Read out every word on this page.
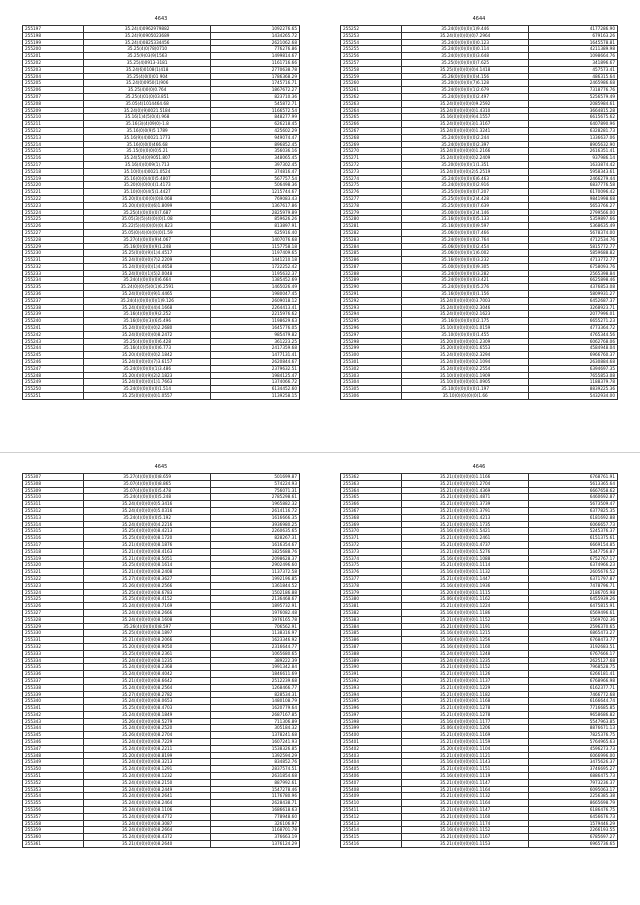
4643
255197	35.24(4)0962979882	1092276.65
255198	35.24(9)0905023689	1434265.72
255199	35.24(4)0825334456	2621062.68
255200	35.25(4)0(78)0710	776276.86
255201	35.25(9)03(9)1563	1499814.67
255202	35.25(4)0913-3181	1161716.66
255203	35.24(6)0108(1)418	2770638.78
255204	35.25(4)0(0)01 904	1786368.29
255205	35.24(0)0950(1)906	1745716.71
255206	35.25(4)0(0)0.764	1867672.27
255207	35.25(4)01(0)03.851	823710.36
255208	35.05(4)1014464.68	545872.71
255209	35.24(0)(9)0021.5184	1166572.54
255210	35.16(1)4(5)0(4).968	848277.99
255211	35.16(3)(4)09(0)-1.8	626218.45
255212	35.16(0)0(9)5 1789	425602.29
255213	35.16(9)(4)0021.1773	949074.47
255214	35.16(0)0(0)466.68	896852.45
255215	35.15(0)(0)0(0)5.21	356036.16
255216	35.24(5)4(0)9051.807	348065.45
255217	35.16(4)(0)09(1).713	397302.45
255218	35.10(0)(4)0021.0524	374816.47
255219	35.16(0)(0)4(0)5.4807	567757.54
255220	35.20(0)(0)0(4)1.4173	506498.36
255221	35.10(0)(0)4(5)1.4427	1215744.67
255222	35.20(0)(4)0(0)(0)8.068	769083.43
255223	35.20(4)(0)(0)(6)1.8099	1367617.86
255224	35.25(4)(0)(0)(0)7.687	2825979.89
255225	35.05(3)(5)(4)(0)(0)1.08	859626.26
255226	35.22(5)(4)(0)(0)(0).823	813897.91
255227	35.05(0)(4)(0)(0)(0)1.59	625916.40
255228	35.27(4)(0)(0)(9)4.067	1407076.68
255229	35.16(0)(0)(0)(9)1.248	1157758.18
255230	35.25(0)(0)(9)(1)4.4517	1197409.65
255231	35.24(0)(0)(0)(7)2.2209	1441210.18
255232	35.24(0)(0)(0)(1)4.4658	1722252.42
255233	35.24(0)(0)(1)(5)2.0048	1195632.37
255234	35.24(4)(0)(0)(0)6.664	1385452.69
255235	35.24(0)(0)(5)0(1)6.2591	1465026.49
255236	35.24(0)(0)(0)(9)1.4465	1980047.45
255237	35.24(4)(0)(0)(0)(1)9.126	2609018.12
255238	35.24(4)(0)(0)(4)4.1668	2264413.41
255239	35.16(4)(0)(0)(9)2.252	2215976.62
255240	35.16(0)(0)(3)(6)5.496	1198629.63
255241	35.24(0)(0)(0)(0)2.2680	1645776.05
255242	35.24(0)(0)(0)(0)8.2472	985479.82
255243	35.25(4)(0)(0)(0)6.428	361223.25
255244	35.16(4)(0)(0)(0)6.773	2417359.68
255245	35.20(4)(0)(0)(0)2.1842	1477131.41
255246	35.24(0)(0)(0)(7)3.6157	2620844.67
255247	35.24(0)(0)(0)(1)3.486	2379632.51
255248	35.20(4)(0)(9)(2)2.1823	1984125.47
255249	35.24(0)(0)(0)(1)1.7663	1374066.72
255250	35.24(0)(0)(0)(0)1.514	6134452.60
255251	35.25(0)(0)(0)(0)1.0557	1139258.15
4644
255252	35.24(0)(0)(0)(1)9.446	4177286.90
255253	35.24(0)(0)(0)(0)7.2964	679163.26
255254	35.24(0)(0)(0)(0)0.123	1645578.81
255255	35.24(0)(0)(0)(0)0.114	4211389.98
255256	35.24(0)(0)(0)(0)3.648	1098664.76
255257	35.25(0)(0)(0)(0)7.625	341896.67
255258	35.25(0)(0)(0)(0)4.1418	457573.41
255259	35.26(0)(0)(0)(0)4.156	486315.64
255260	35.20(0)(0)(0)(7)6.128	2465986.68
255261	35.24(0)(0)(0)(1)2.679	7318776.76
255262	35.24(0)(0)(0)(0)2.497	5256579.49
255263	35.24(0)(0)(0)(0)9.2592	2085984.61
255264	35.24(0)(0)(0)(0)1.4310	3664815.28
255265	35.16(0)(0)(0)(9)4.1557	6615675.62
255266	35.24(0)(0)(0)(3)1.3167	6407890.96
255267	35.24(0)(0)(0)(0)1.3241	6328281.73
255268	35.24(0)(0)(0)(0)2.244	1336637.06
255269	35.24(0)(0)(0)(0)2.397	8905632.90
255270	35.24(0)(0)(0)(0)1.2166	2616351.41
255271	35.24(0)(0)(0)(0)2.2409	937986.14
255272	35.20(0)(0)(0)(1)1.351	1633874.42
255273	35.24(0)(0)(0)(2)5.2519	5958343.61
255274	35.24(0)(0)(0)(6)6.463	2466279.44
255275	35.24(0)(0)(0)(0)2.916	6837776.58
255276	35.25(0)(0)(0)(0)7.207	6170096.42
255277	35.25(0)(0)(0)(2)4.428	9841998.68
255278	35.25(0)(0)(0)(0)7.639	5653766.27
255279	35.00(0)(0)(0)(2)4.146	2799566.00
255280	35.16(0)(0)(0)(0)5.133	5359897.66
255281	35.16(0)(0)(0)(0)9.597	5368635.49
255282	35.06(0)(0)(0)(0)7.466	5678374.00
255283	35.24(0)(0)(0)(0)2.764	4712534.76
255284	35.06(0)(0)(0)(0)2.454	5815772.77
255285	35.06(0)(0)(0)(1)6.002	5859688.82
255286	35.16(0)(0)(0)(0)3.232	4713772.77
255287	35.00(0)(0)(0)(0)9.305	6758093.76
255288	35.24(0)(0)(0)(0)3.282	2565398.84
255289	35.24(0)(0)(0)(0)3.421	6625898.46
255290	35.24(0)(0)(0)(0)5.276	4376853.08
255291	35.16(0)(0)(0)(0)1.156	5809931.27
255292	35.24(0)(0)(0)(0)3.7003	6452687.37
255293	35.24(0)(0)(0)(0)2.3046	3268923.71
255294	35.24(0)(0)(0)(0)2.1623	2077996.01
255295	35.16(0)(0)(0)(0)2.175	6655271.23
255296	35.10(0)(0)(0)(0)1.0159	4773364.72
255297	35.10(0)(0)(0)(0)1.455	4765344.56
255298	35.20(0)(0)(0)(0)1.2309	6062768.06
255299	35.20(0)(0)(0)(0)1.6553	4584948.04
255300	35.24(0)(0)(0)(0)2.3294	6966760.37
255301	35.24(0)(0)(0)(0)2.1094	2630884.68
255302	35.24(0)(0)(0)(0)2.2554	6394697.35
255303	35.10(0)(0)(0)(0)1.1909	7655853.08
255304	35.10(0)(0)(0)(0)1.0905	1188379.78
255305	35.10(0)(0)(0)(0)1.197	8839225.36
255306	35.10(0)(0)(0)(0)1.66	5432934.00
4645
255307	35.27(4)(0)(0)(0)8.659	501699.87
255308	35.07(4)(0)(0)(0)8.865	574224.93
255309	35.07(4)(0)(0)(0)5.478	756071.31
255310	35.24(4)(0)(0)(0)5.248	2785298.61
255311	35.24(4)(0)(0)(0)5.3416	1965882.32
255312	35.24(4)(0)(0)(0)5.0316	2614116.72
255313	35.24(4)(0)(0)(0)5.192	1616666.35
255314	35.24(4)(0)(0)(0)4.2216	3936980.25
255315	35.25(4)(0)(0)(0)8.4213	2260635.65
255316	35.25(4)(0)(0)(0)8.1720	828267.31
255317	35.21(4)(0)(0)(0)8.1876	1616354.67
255318	35.21(4)(0)(0)(0)8.4163	1825688.76
255319	35.21(4)(0)(0)(0)8.5051	2098628.37
255320	35.25(4)(0)(0)(0)8.1614	2902496.60
255321	35.21(4)(0)(0)(0)8.2408	1137372.58
255322	35.27(4)(0)(0)(0)8.3627	1992196.85
255323	35.26(4)(0)(0)(0)8.2566	1361844.52
255324	35.25(4)(0)(0)(0)8.6783	1502186.88
255325	35.25(4)(0)(0)(0)8.4152	2136468.67
255326	35.24(4)(0)(0)(0)8.7169	1895732.91
255327	35.24(4)(0)(0)(0)8.2666	1976082.48
255328	35.24(4)(0)(0)(0)8.1608	1976165.78
255329	35.26(4)(0)(0)(0)8.597	706562.91
255330	35.25(4)(0)(0)(0)8.1897	1138316.97
255331	35.21(4)(0)(0)(0)8.2066	1623346.92
255332	35.20(4)(0)(0)(0)8.9050	2316644.77
255333	35.25(4)(0)(0)(0)8.2361	1065680.65
255334	35.24(4)(0)(0)(0)8.1235	389222.39
255335	35.24(4)(0)(0)(0)8.2368	1991342.84
255336	35.24(4)(0)(0)(0)8.4042	1846611.69
255337	35.21(4)(0)(0)(0)8.6642	2512239.68
255338	35.24(4)(0)(0)(0)8.2564	1268466.77
255339	35.27(4)(0)(0)(0)8.2782	828534.31
255340	35.24(4)(0)(0)(0)8.0653	1480108.79
255341	35.25(4)(0)(0)(0)8.4703	1620779.64
255342	35.24(4)(0)(0)(0)8.1849	2687167.85
255343	35.26(4)(0)(0)(0)8.5279	711306.89
255344	35.24(4)(0)(0)(0)8.2520	305184.32
255345	35.26(4)(0)(0)(0)8.2704	1378241.68
255346	35.24(4)(0)(0)(0)8.7229	1607241.93
255347	35.24(4)(0)(0)(0)8.2211	1538326.85
255348	35.20(4)(0)(0)(0)8.8199	1392594.29
255349	35.24(4)(0)(0)(0)8.3213	834852.76
255350	35.24(4)(0)(0)(0)8.1291	2837574.51
255351	35.24(4)(0)(0)(0)8.1232	2631854.68
255352	35.24(4)(0)(0)(0)8.2150	887992.61
255353	35.24(4)(0)(0)(0)8.2449	1547278.46
255354	35.24(4)(0)(0)(0)8.2641	1176780.96
255355	35.24(4)(0)(0)(0)8.2464	2628438.71
255356	35.24(4)(0)(0)(0)8.1106	1686618.63
255357	35.24(4)(0)(0)(0)8.4772	778948.60
255358	35.24(4)(0)(0)(0)8.3087	326106.97
255359	35.24(4)(0)(0)(0)8.2664	1168701.78
255360	35.24(4)(0)(0)(0)8.4372	376663.19
255361	35.21(4)(0)(0)(0)8.2640	1376124.29
4646
255362	35.21(4)(0)(0)(0)1.1166	6768761.91
255363	35.21(4)(0)(0)(0)1.2704	5613365.64
255364	35.21(4)(0)(0)(0)1.4369	6667658.62
255365	35.21(4)(0)(0)(0)1.4871	6460692.87
255366	35.21(4)(0)(0)(0)1.3739	5673509.47
255367	35.21(4)(0)(0)(0)1.3791	6377825.35
255368	35.21(4)(0)(0)(0)1.4213	6181692.88
255369	35.21(4)(0)(0)(0)1.1735	6066657.73
255370	35.16(4)(0)(0)(0)1.5421	5245376.37
255371	35.21(4)(0)(0)(0)1.2461	6151375.61
255372	35.21(4)(0)(0)(0)1.4737	6669154.85
255373	35.21(4)(0)(0)(0)1.5276	5347756.87
255374	35.16(4)(0)(0)(0)1.1088	6752767.17
255375	35.21(4)(0)(0)(0)1.1114	6374966.23
255376	35.16(4)(0)(0)(0)1.1132	2605676.52
255377	35.21(4)(0)(0)(0)1.1447	6371797.87
255378	35.16(4)(0)(0)(0)1.1936	7478796.71
255379	35.20(4)(0)(0)(0)1.1115	2186705.98
255380	35.06(4)(0)(0)(0)1.1162	6455939.26
255381	35.21(4)(0)(0)(0)1.1224	6475815.91
255382	35.16(4)(0)(0)(0)1.1186	6569496.61
255383	35.21(4)(0)(0)(0)1.1152	1569702.36
255384	35.21(4)(0)(0)(0)1.1191	2596370.65
255385	35.16(4)(0)(0)(0)1.1215	6865473.27
255386	35.16(4)(0)(0)(0)1.1256	6768473.77
255387	35.16(4)(0)(0)(0)1.1160	3192683.51
255388	35.24(4)(0)(0)(0)1.1248	6767666.17
255389	35.24(4)(0)(0)(0)1.1235	2625127.68
255390	35.21(4)(0)(0)(0)1.1152	7968528.75
255391	35.21(4)(0)(0)(0)1.1126	6266181.41
255392	35.21(4)(0)(0)(0)1.1137	6768966.98
255393	35.21(4)(0)(0)(0)1.1229	6162377.71
255394	35.21(4)(0)(0)(0)1.1182	7466772.68
255395	35.21(4)(0)(0)(0)1.1168	6166644.74
255396	35.21(4)(0)(0)(0)1.1278	7716685.85
255397	35.21(4)(0)(0)(0)1.1278	9658686.82
255398	35.16(4)(0)(0)(0)1.1177	5547963.85
255399	35.06(4)(0)(0)(0)1.1206	8876671.13
255400	35.21(4)(0)(0)(0)1.1169	7825376.75
255401	35.21(4)(0)(0)(0)1.1159	5764965.63
255402	35.20(4)(0)(0)(0)1.1104	4596273.73
255403	35.21(4)(0)(0)(0)1.1121	6066996.00
255404	35.16(4)(0)(0)(0)1.1143	3475626.37
255405	35.21(4)(0)(0)(0)1.1151	3746695.27
255406	35.16(4)(0)(0)(0)1.1119	6886475.73
255407	35.21(4)(0)(0)(0)1.1147	7973236.37
255408	35.21(4)(0)(0)(0)1.1164	6095063.17
255409	35.21(4)(0)(0)(0)1.1132	2256385.38
255410	35.21(4)(0)(0)(0)1.1164	8665698.79
255411	35.21(4)(0)(0)(0)1.1147	6186476.75
255412	35.21(4)(0)(0)(0)1.1160	6456676.73
255413	35.21(4)(0)(0)(0)1.1174	1579446.29
255414	35.16(4)(0)(0)(0)1.1152	2266193.55
255415	35.21(4)(0)(0)(0)1.1167	6785697.27
255416	35.21(4)(0)(0)(0)1.1153	6965736.65
